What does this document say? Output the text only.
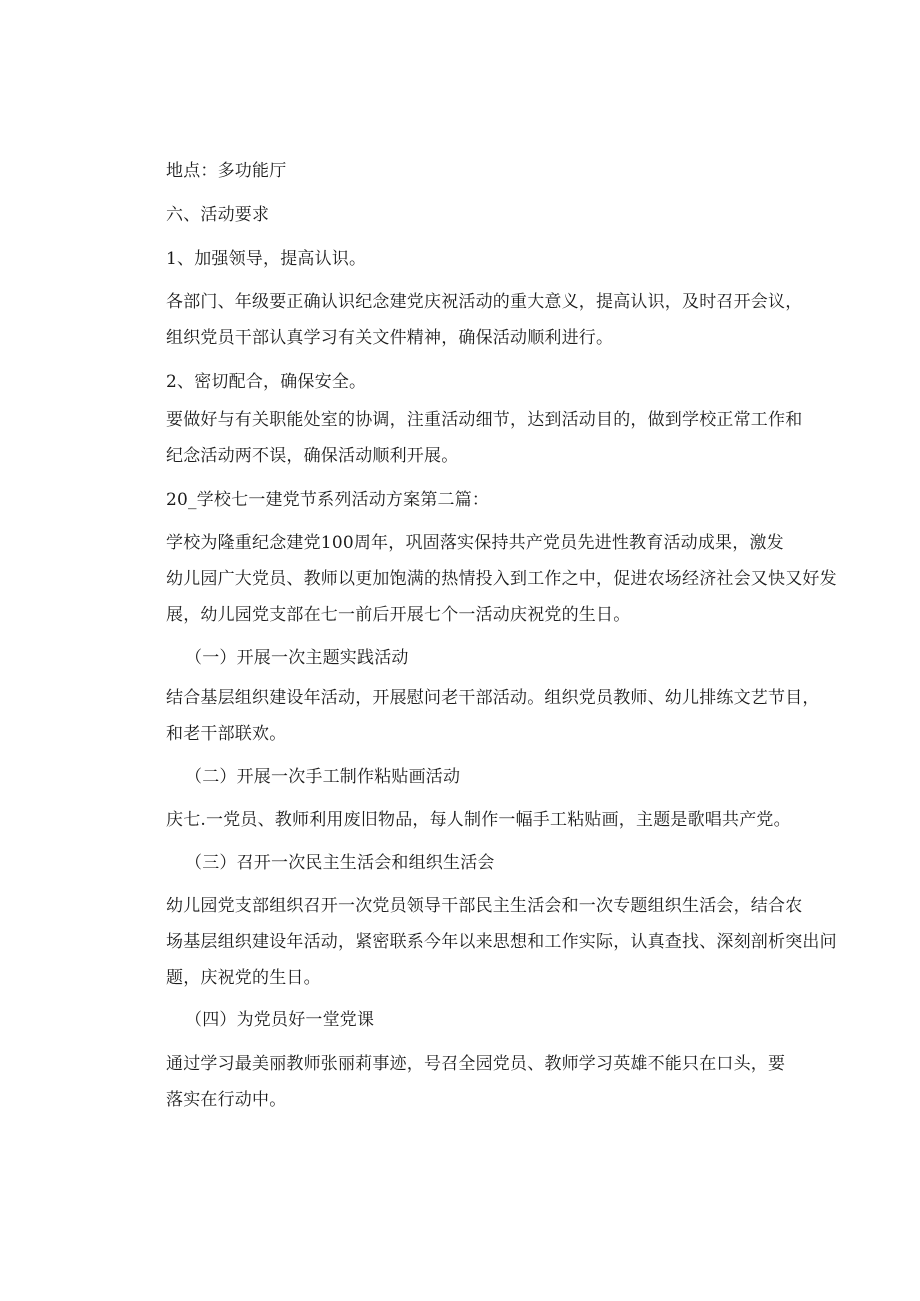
地点：多功能厅
六、活动要求
1、加强领导，提高认识。
各部门、年级要正确认识纪念建党庆祝活动的重大意义，提高认识，及时召开会议，
组织党员干部认真学习有关文件精神，确保活动顺利进行。
2、密切配合，确保安全。
要做好与有关职能处室的协调，注重活动细节，达到活动目的，做到学校正常工作和
纪念活动两不误，确保活动顺利开展。
20_学校七一建党节系列活动方案第二篇：
学校为隆重纪念建党100周年，巩固落实保持共产党员先进性教育活动成果，激发
幼儿园广大党员、教师以更加饱满的热情投入到工作之中，促进农场经济社会又快又好发
展，幼儿园党支部在七一前后开展七个一活动庆祝党的生日。
（一）开展一次主题实践活动
结合基层组织建设年活动，开展慰问老干部活动。组织党员教师、幼儿排练文艺节目，
和老干部联欢。
（二）开展一次手工制作粘贴画活动
庆七.一党员、教师利用废旧物品，每人制作一幅手工粘贴画，主题是歌唱共产党。
（三）召开一次民主生活会和组织生活会
幼儿园党支部组织召开一次党员领导干部民主生活会和一次专题组织生活会，结合农
场基层组织建设年活动，紧密联系今年以来思想和工作实际，认真查找、深刻剖析突出问
题，庆祝党的生日。
（四）为党员好一堂党课
通过学习最美丽教师张丽莉事迹，号召全园党员、教师学习英雄不能只在口头，要
落实在行动中。
